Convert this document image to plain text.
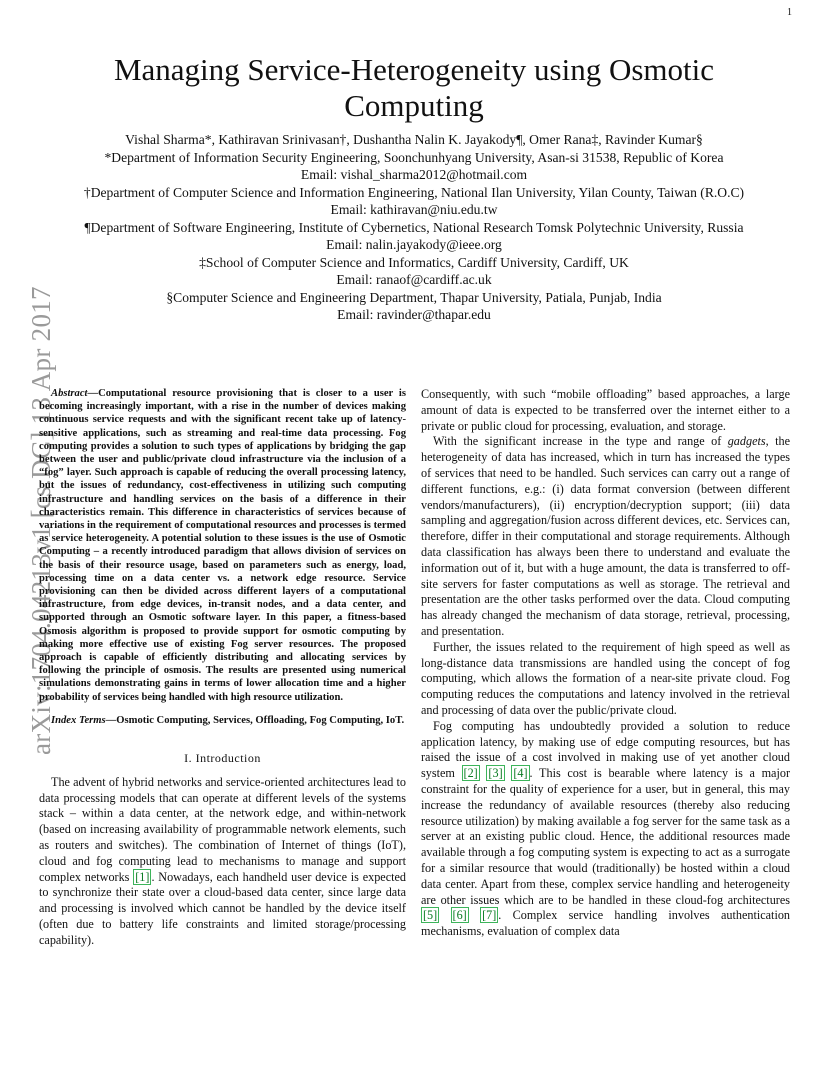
1
arXiv:1704.04213v1 [cs.DC] 13 Apr 2017
Managing Service-Heterogeneity using Osmotic Computing
Vishal Sharma*, Kathiravan Srinivasan†, Dushantha Nalin K. Jayakody¶, Omer Rana‡, Ravinder Kumar§
*Department of Information Security Engineering, Soonchunhyang University, Asan-si 31538, Republic of Korea
Email: vishal_sharma2012@hotmail.com
†Department of Computer Science and Information Engineering, National Ilan University, Yilan County, Taiwan (R.O.C)
Email: kathiravan@niu.edu.tw
¶Department of Software Engineering, Institute of Cybernetics, National Research Tomsk Polytechnic University, Russia
Email: nalin.jayakody@ieee.org
‡School of Computer Science and Informatics, Cardiff University, Cardiff, UK
Email: ranaof@cardiff.ac.uk
§Computer Science and Engineering Department, Thapar University, Patiala, Punjab, India
Email: ravinder@thapar.edu

Abstract—Computational resource provisioning that is closer to a user is becoming increasingly important, with a rise in the number of devices making continuous service requests and with the significant recent take up of latency-sensitive applications, such as streaming and real-time data processing. Fog computing provides a solution to such types of applications by bridging the gap between the user and public/private cloud infrastructure via the inclusion of a “fog” layer. Such approach is capable of reducing the overall processing latency, but the issues of redundancy, cost-effectiveness in utilizing such computing infrastructure and handling services on the basis of a difference in their characteristics remain. This difference in characteristics of services because of variations in the requirement of computational resources and processes is termed as service heterogeneity. A potential solution to these issues is the use of Osmotic Computing – a recently introduced paradigm that allows division of services on the basis of their resource usage, based on parameters such as energy, load, processing time on a data center vs. a network edge resource. Service provisioning can then be divided across different layers of a computational infrastructure, from edge devices, in-transit nodes, and a data center, and supported through an Osmotic software layer. In this paper, a fitness-based Osmosis algorithm is proposed to provide support for osmotic computing by making more effective use of existing Fog server resources. The proposed approach is capable of efficiently distributing and allocating services by following the principle of osmosis. The results are presented using numerical simulations demonstrating gains in terms of lower allocation time and a higher probability of services being handled with high resource utilization.

Index Terms—Osmotic Computing, Services, Offloading, Fog Computing, IoT.

I. Introduction

The advent of hybrid networks and service-oriented architectures lead to data processing models that can operate at different levels of the systems stack – within a data center, at the network edge, and within-network (based on increasing availability of programmable network elements, such as routers and switches). The combination of Internet of things (IoT), cloud and fog computing lead to mechanisms to manage and support complex networks [1] . Nowadays, each handheld user device is expected to synchronize their state over a cloud-based data center, since large data and processing is involved which cannot be handled by the device itself (often due to battery life constraints and limited storage/processing capability).

Consequently, with such “mobile offloading” based approaches, a large amount of data is expected to be transferred over the internet either to a private or public cloud for processing, evaluation, and storage.

With the significant increase in the type and range of gadgets, the heterogeneity of data has increased, which in turn has increased the types of services that need to be handled. Such services can carry out a range of different functions, e.g.: (i) data format conversion (between different vendors/manufacturers), (ii) encryption/decryption support; (iii) data sampling and aggregation/fusion across different devices, etc. Services can, therefore, differ in their computational and storage requirements. Although data classification has always been there to understand and evaluate the information out of it, but with a huge amount, the data is transferred to off-site servers for faster computations as well as storage. The retrieval and presentation are the other tasks performed over the data. Cloud computing has already changed the mechanism of data storage, retrieval, processing, and presentation.

Further, the issues related to the requirement of high speed as well as long-distance data transmissions are handled using the concept of fog computing, which allows the formation of a near-site private cloud. Fog computing reduces the computations and latency involved in the retrieval and processing of data over the public/private cloud.

Fog computing has undoubtedly provided a solution to reduce application latency, by making use of edge computing resources, but has raised the issue of a cost involved in making use of yet another cloud system [2] [3] [4] . This cost is bearable where latency is a major constraint for the quality of experience for a user, but in general, this may increase the redundancy of available resources (thereby also reducing resource utilization) by making available a fog server for the same task as a server at an existing public cloud. Hence, the additional resources made available through a fog computing system is expecting to act as a surrogate for a similar resource that would (traditionally) be hosted within a cloud data center. Apart from these, complex service handling and heterogeneity are other issues which are to be handled in these cloud-fog architectures [5] [6] [7] . Complex service handling involves authentication mechanisms, evaluation of complex data
